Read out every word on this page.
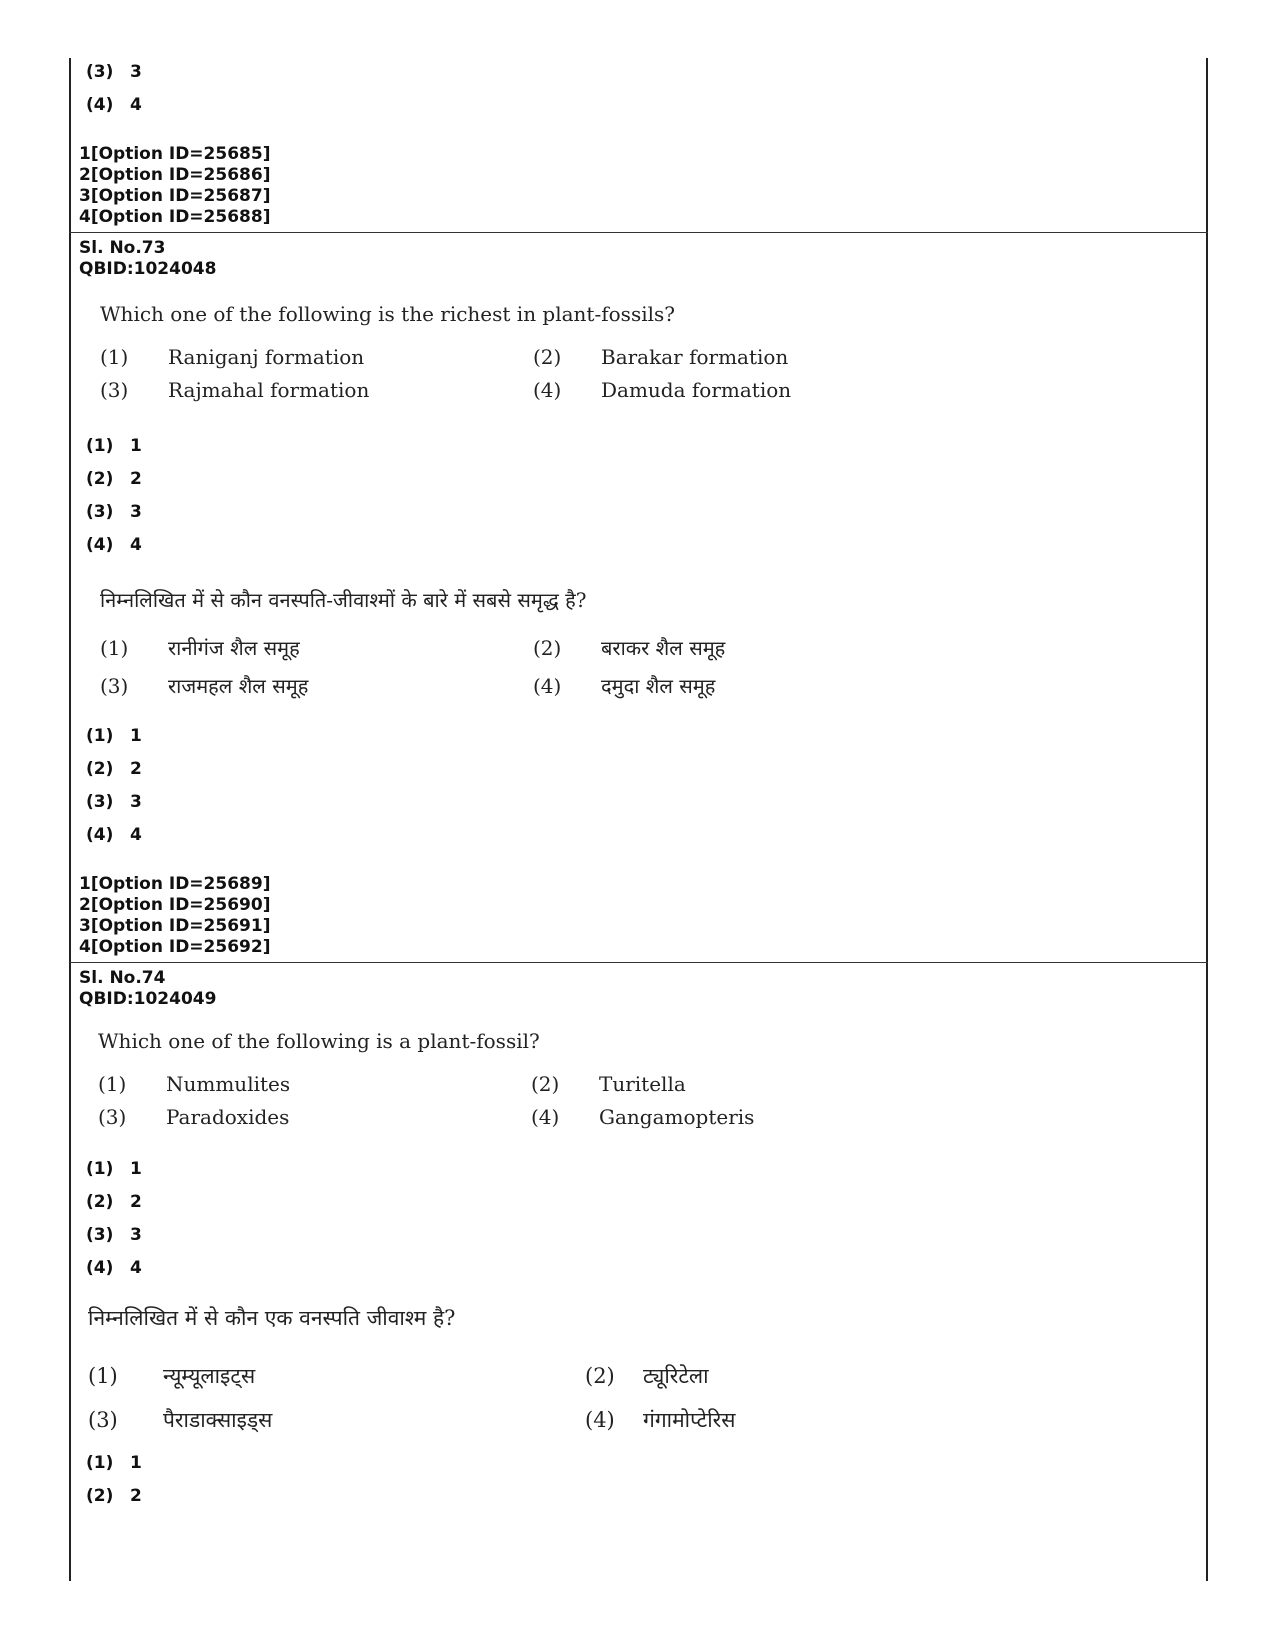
(3) 3
(4) 4
1[Option ID=25685]
2[Option ID=25686]
3[Option ID=25687]
4[Option ID=25688]
Sl. No.73
QBID:1024048
Which one of the following is the richest in plant-fossils?
(1) Raniganj formation	(2) Barakar formation
(3) Rajmahal formation	(4) Damuda formation
(1) 1
(2) 2
(3) 3
(4) 4
निम्नलिखित में से कौन वनस्पति-जीवाश्मों के बारे में सबसे समृद्ध है?
(1) रानीगंज शैल समूह	(2) बराकर शैल समूह
(3) राजमहल शैल समूह	(4) दमुदा शैल समूह
(1) 1
(2) 2
(3) 3
(4) 4
1[Option ID=25689]
2[Option ID=25690]
3[Option ID=25691]
4[Option ID=25692]
Sl. No.74
QBID:1024049
Which one of the following is a plant-fossil?
(1) Nummulites	(2) Turitella
(3) Paradoxides	(4) Gangamopteris
(1) 1
(2) 2
(3) 3
(4) 4
निम्नलिखित में से कौन एक वनस्पति जीवाश्म है?
(1) न्यूम्यूलाइट्स	(2) ट्यूरिटेला
(3) पैराडाक्साइड्स	(4) गंगामोप्टेरिस
(1) 1
(2) 2
